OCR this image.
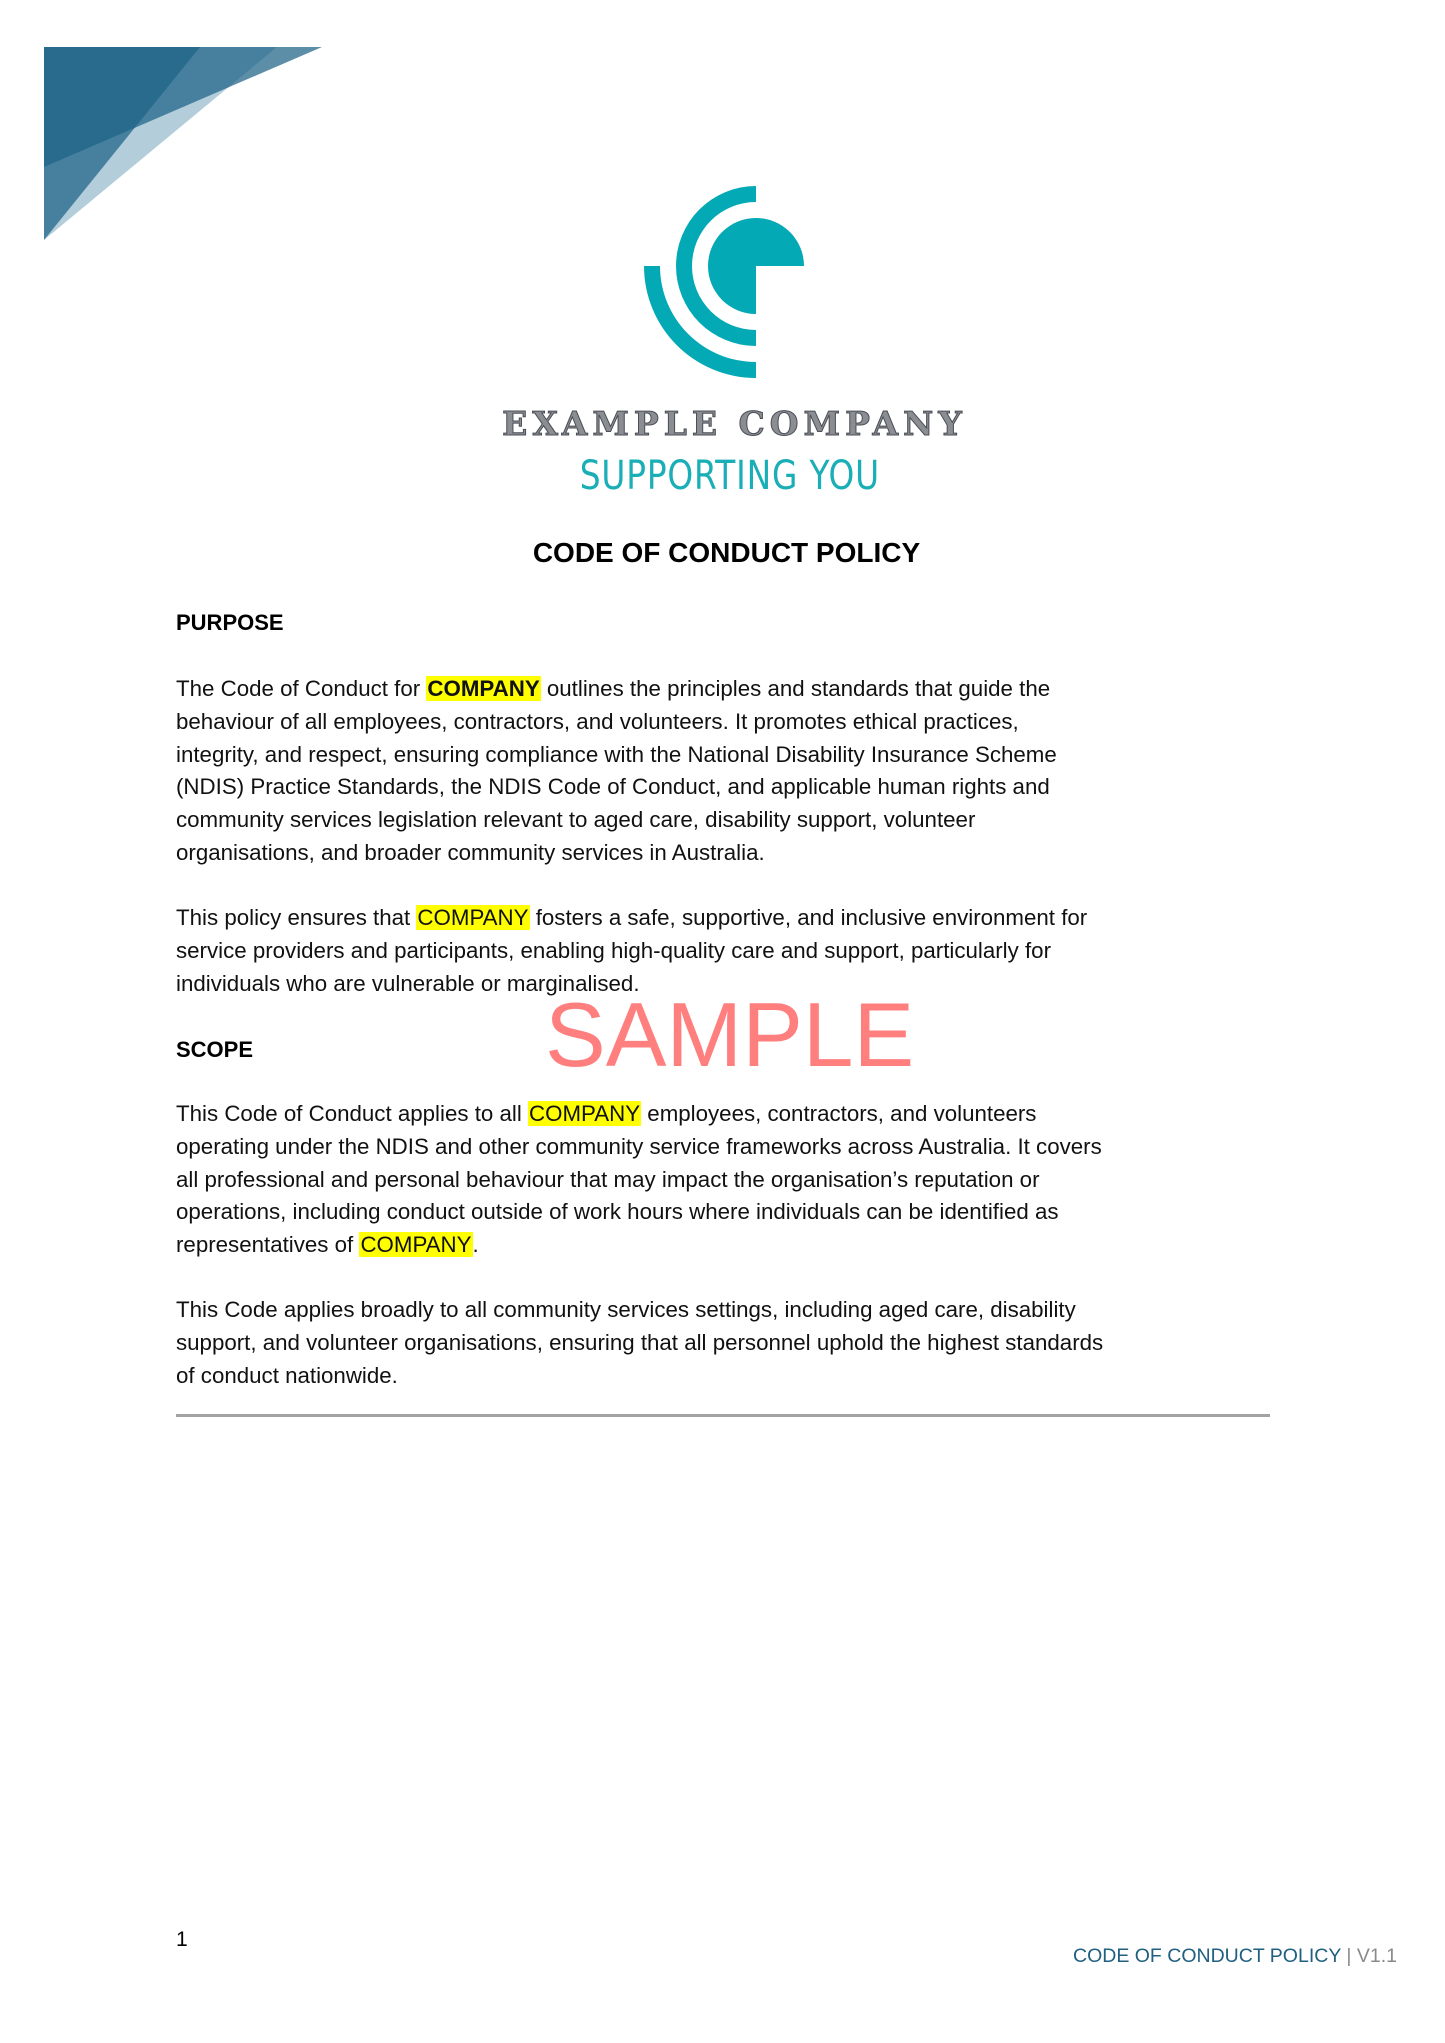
EXAMPLE COMPANY
SUPPORTING YOU
CODE OF CONDUCT POLICY
PURPOSE
The Code of Conduct for COMPANY outlines the principles and standards that guide the
behaviour of all employees, contractors, and volunteers. It promotes ethical practices,
integrity, and respect, ensuring compliance with the National Disability Insurance Scheme
(NDIS) Practice Standards, the NDIS Code of Conduct, and applicable human rights and
community services legislation relevant to aged care, disability support, volunteer
organisations, and broader community services in Australia.
This policy ensures that COMPANY fosters a safe, supportive, and inclusive environment for
service providers and participants, enabling high-quality care and support, particularly for
individuals who are vulnerable or marginalised.
SCOPE
This Code of Conduct applies to all COMPANY employees, contractors, and volunteers
operating under the NDIS and other community service frameworks across Australia. It covers
all professional and personal behaviour that may impact the organisation’s reputation or
operations, including conduct outside of work hours where individuals can be identified as
representatives of COMPANY.
This Code applies broadly to all community services settings, including aged care, disability
support, and volunteer organisations, ensuring that all personnel uphold the highest standards
of conduct nationwide.
SAMPLE
1
CODE OF CONDUCT POLICY | V1.1
